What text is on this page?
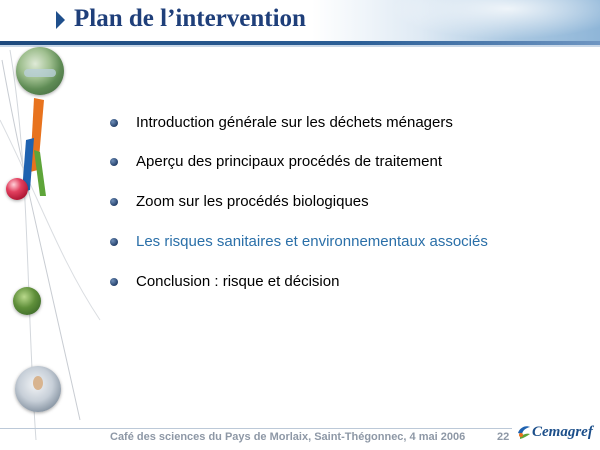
Plan de l’intervention
Introduction générale sur les déchets ménagers
Aperçu des principaux procédés de traitement
Zoom sur les procédés biologiques
Les risques sanitaires et environnementaux associés
Conclusion : risque et décision
Café des sciences du Pays de Morlaix, Saint-Thégonnec, 4 mai 2006	22 Cemagref
